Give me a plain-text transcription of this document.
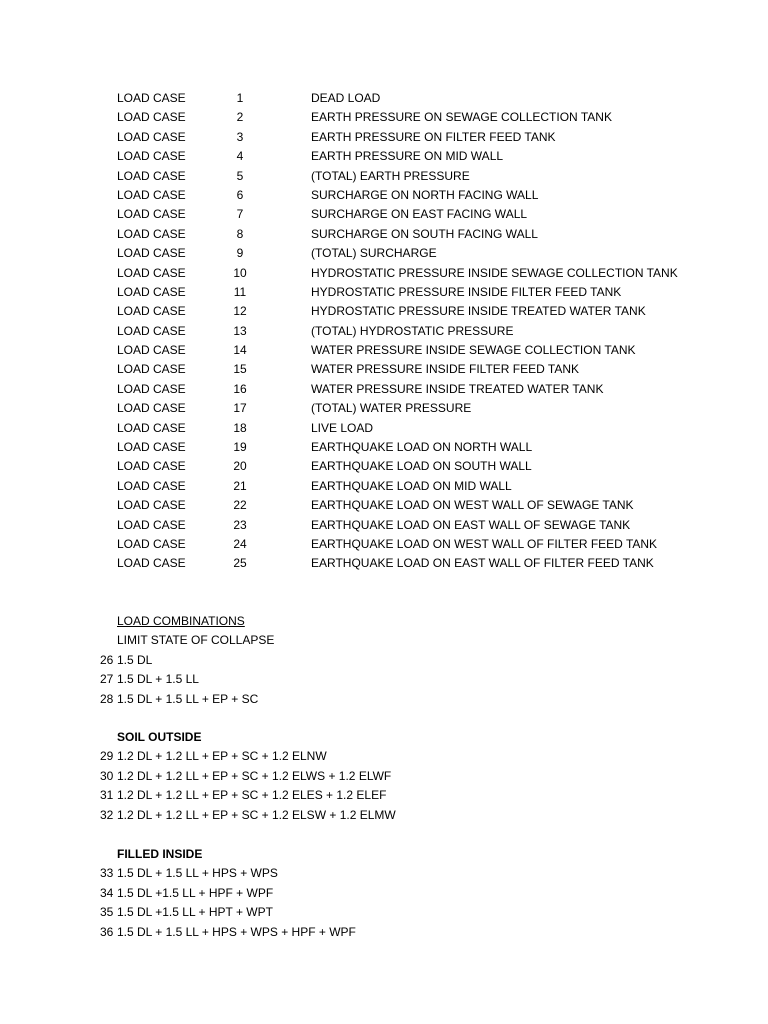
LOAD CASE	1	DEAD LOAD
LOAD CASE	2	EARTH PRESSURE ON SEWAGE COLLECTION TANK
LOAD CASE	3	EARTH PRESSURE ON FILTER FEED TANK
LOAD CASE	4	EARTH PRESSURE ON MID WALL
LOAD CASE	5	(TOTAL) EARTH PRESSURE
LOAD CASE	6	SURCHARGE ON NORTH FACING WALL
LOAD CASE	7	SURCHARGE ON EAST FACING WALL
LOAD CASE	8	SURCHARGE ON SOUTH FACING WALL
LOAD CASE	9	(TOTAL) SURCHARGE
LOAD CASE	10	HYDROSTATIC PRESSURE INSIDE SEWAGE COLLECTION TANK
LOAD CASE	11	HYDROSTATIC PRESSURE INSIDE FILTER FEED TANK
LOAD CASE	12	HYDROSTATIC PRESSURE INSIDE TREATED WATER TANK
LOAD CASE	13	(TOTAL) HYDROSTATIC PRESSURE
LOAD CASE	14	WATER PRESSURE INSIDE SEWAGE COLLECTION TANK
LOAD CASE	15	WATER PRESSURE INSIDE FILTER FEED TANK
LOAD CASE	16	WATER PRESSURE INSIDE TREATED WATER TANK
LOAD CASE	17	(TOTAL) WATER PRESSURE
LOAD CASE	18	LIVE LOAD
LOAD CASE	19	EARTHQUAKE LOAD ON NORTH WALL
LOAD CASE	20	EARTHQUAKE LOAD ON SOUTH WALL
LOAD CASE	21	EARTHQUAKE LOAD ON MID WALL
LOAD CASE	22	EARTHQUAKE LOAD ON WEST WALL OF SEWAGE TANK
LOAD CASE	23	EARTHQUAKE LOAD ON EAST WALL OF SEWAGE TANK
LOAD CASE	24	EARTHQUAKE LOAD ON WEST WALL OF FILTER FEED TANK
LOAD CASE	25	EARTHQUAKE LOAD ON EAST WALL OF FILTER FEED TANK
LOAD COMBINATIONS
LIMIT STATE OF COLLAPSE
26 1.5 DL
27 1.5 DL + 1.5 LL
28 1.5 DL + 1.5 LL + EP + SC
SOIL OUTSIDE
29 1.2 DL + 1.2 LL + EP + SC + 1.2 ELNW
30 1.2 DL + 1.2 LL + EP + SC + 1.2 ELWS + 1.2 ELWF
31 1.2 DL + 1.2 LL + EP + SC + 1.2 ELES + 1.2 ELEF
32 1.2 DL + 1.2 LL + EP + SC + 1.2 ELSW + 1.2 ELMW
FILLED INSIDE
33 1.5 DL + 1.5 LL + HPS + WPS
34 1.5 DL +1.5 LL + HPF + WPF
35 1.5 DL +1.5 LL + HPT + WPT
36 1.5 DL + 1.5 LL + HPS + WPS + HPF + WPF
